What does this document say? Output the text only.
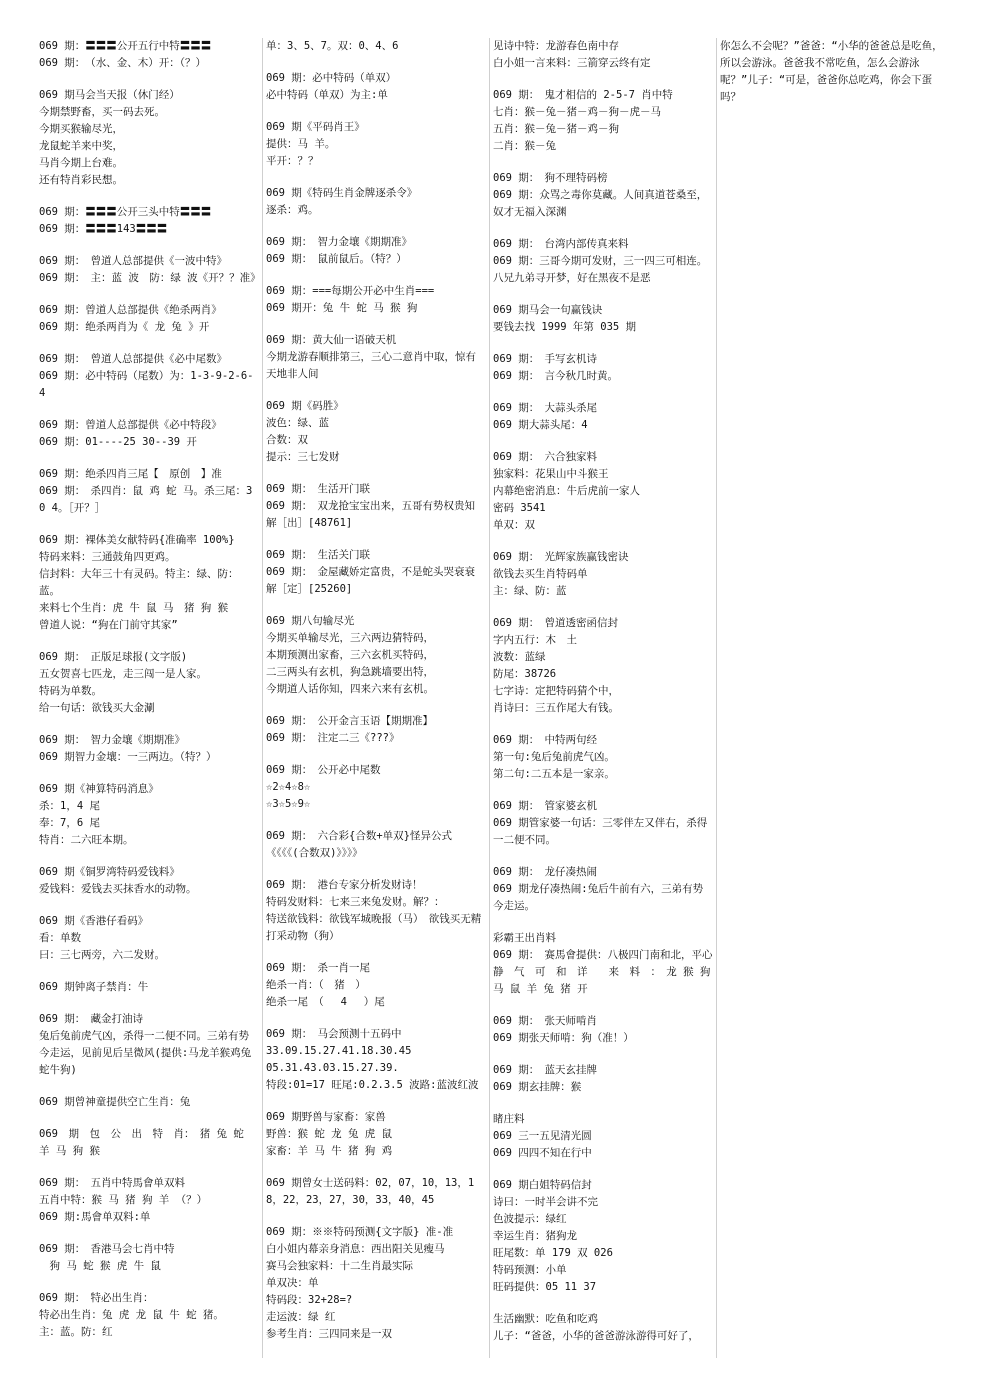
069 期：〓〓〓公开五行中特〓〓〓
069 期：　（水、金、木）开：（？）
069 期马会当天报（休门经）
今期禁野畜，买一码去死。
今期买猴输尽光，
龙鼠蛇羊来中奖，
马肖今期上台难。
还有特肖彩民想。
069 期：〓〓〓公开三头中特〓〓〓
069 期：〓〓〓143〓〓〓
069 期：　曾道人总部提供《一波中特》
069 期：　主：蓝 波　防：绿 波《开？？准》
069 期：曾道人总部提供《绝杀两肖》
069 期：绝杀两肖为《 龙 兔 》开
069 期：　曾道人总部提供《必中尾数》
069 期：必中特码（尾数）为：1-3-9-2-6-4
069 期：曾道人总部提供《必中特段》
069 期：01----25 30--39 开
069 期：绝杀四肖三尾【　原创　】准
069 期：　杀四肖：鼠 鸡 蛇 马。杀三尾：3 0 4。［开？］
069 期：裸体美女献特码{准确率 100%}
特码来料：三通鼓角四更鸡。
信封料：大年三十有灵码。特主：绿、防：蓝。
来料七个生肖：虎 牛 鼠 马　猪 狗 猴
曾道人说：“狗在门前守其家”
069 期：　正版足球报(文字版)
五女贺喜七匹龙，走三闯一是人家。
特码为单数。
给一句话：欲钱买大金涮
069 期：　智力金壤《期期准》
069 期智力金壤：一三两边。（特？）
069 期《神算特码消息》
杀：1，4 尾
奉：7，6 尾
特肖：二六旺本期。
069 期《铜罗湾特码爱钱料》
爱钱料：爱钱去买抹香水的动物。
069 期《香港仔看码》
看：单数
曰：三七两旁，六二发财。
069 期钟离子禁肖：牛
069 期：　藏金打油诗
兔后兔前虎气凶，杀得一二便不同。三弟有势今走运，见前见后呈微风(提供:马龙羊猴鸡兔蛇牛狗)
069 期曾神童提供空亡生肖：兔
069　期　包　公　出　特　肖：　猪 兔 蛇 羊 马 狗 猴
069 期：　五肖中特馬會单双料
五肖中特：猴 马 猪 狗 羊 （？）
069 期:馬會单双料:单
069 期：　香港马会七肖中特
　狗 马 蛇 猴 虎 牛 鼠
069 期：　特必出生肖：
特必出生肖：兔 虎 龙 鼠 牛 蛇 猪。
主：蓝。防：红
单：3、5、7。双：0、4、6
069 期：必中特码（单双）
必中特码（单双）为主:单
069 期《平码肖王》
提供：马 羊。
平开：？？
069 期《特码生肖金牌逐杀令》
逐杀：鸡。
069 期：　智力金壤《期期准》
069 期：　鼠前鼠后。（特？）
069 期：===每期公开必中生肖===
069 期开：兔 牛 蛇 马 猴 狗
069 期：黄大仙一语破天机
今期龙游春顺排第三，三心二意肖中取，惊有天地非人间
069 期《码胜》
波色：绿、蓝
合数：双
提示：三七发财
069 期：　生活开门联
069 期：　双龙抢宝宝出来，五哥有势权贵知
解［出］[48761]
069 期：　生活关门联
069 期：　金屋藏娇定富贵，不是蛇头哭衰衰
解［定］[25260]
069 期八句输尽光
今期买单输尽光，三六两边猜特码，
本期预测出家畜，三六玄机买特码，
二三两头有玄机，狗急跳墙要出特，
今期道人话你知，四来六来有玄机。
069 期：　公开金言玉语【期期准】
069 期：　注定二三《???》
069 期：　公开必中尾数
☆2☆4☆8☆
☆3☆5☆9☆
069 期：　六合彩{合数+单双}怪异公式
《《《《(合数双)》》》》
069 期：　港台专家分析发财诗！
特码发财料：七来三来兔发财。解？：
特送欲钱料：欲钱军城晚报（马）　欲钱买无精打采动物（狗）
069 期：　杀一肖一尾
绝杀一肖：（　猪　）
绝杀一尾　（　 4 　）尾
069 期：　马会预测十五码中
33.09.15.27.41.18.30.45
05.31.43.03.15.27.39.
特段:01=17 旺尾:0.2.3.5 波路:蓝波红波
069 期野兽与家畜：家兽
野兽：猴 蛇 龙 兔 虎 鼠
家畜：羊 马 牛 猪 狗 鸡
069 期曾女士送码料：02，07，10，13，18，22，23，27，30，33，40，45
069 期：※※特码预测{文字版} 准-准
白小姐内幕亲身消息：西出阳关见瘦马
赛马会独家料：十二生肖最实际
单双决：单
特码段：32+28=?
走运波：绿 红
参考生肖：三四同来是一双
见诗中特：龙游春色南中存
白小姐一言来料：三箭穿云终有定
069 期：　鬼才相信的 2-5-7 肖中特
七肖：猴－兔－猪－鸡－狗－虎－马
五肖：猴－兔－猪－鸡－狗
二肖：猴－兔
069 期：　狗不理特码榜
069 期：众骂之毒你莫藏。人间真道苍桑至，奴才无福入深渊
069 期：　台湾内部传真来料
069 期：三哥今期可发财，三一四三可相连。八兄九弟寻开梦，好在黑夜不是恶
069 期马会一句赢钱诀
要钱去找 1999 年第 035 期
069 期：　手写玄机诗
069 期：　言今秋几时黄。
069 期：　大蒜头杀尾
069 期大蒜头尾：4
069 期：　六合独家料
独家料：花果山中斗猴王
内幕绝密消息：牛后虎前一家人
密码 3541
单双：双
069 期：　光辉家族赢钱密诀
欲钱去买生肖特码单
主：绿、防：蓝
069 期：　曾道透密函信封
字内五行：木　土
波数：蓝绿
防尾：38726
七字诗：定把特码猜个中，
肖诗曰：三五作尾大有钱。
069 期：　中特两句经
第一句:兔后兔前虎气凶。
第二句:二五本是一家亲。
069 期：　管家婆玄机
069 期管家婆一句话：三零伴左又伴右，杀得一二便不同。
069 期：　龙仔凑热闹
069 期龙仔凑热闹:兔后牛前有六，三弟有势今走运。
彩霸王出肖料
069 期：　赛馬會提供：八极四门南和北，平心　静　气　可　和　详　　来　料　：　龙 猴 狗 马 鼠 羊 兔 猪 开
069 期：　张天师啃肖
069 期张天师啃：狗（准！）
069 期：　蓝天玄挂牌
069 期玄挂牌：猴
睹庄料
069 三一五见清光圆
069 四四不知在行中
069 期白姐特码信封
诗曰：一时半会讲不完
色波提示：绿红
幸运生肖：猪狗龙
旺尾数：单 179 双 026
特码预测：小单
旺码提供：05 11 37
生活幽默：吃鱼和吃鸡
儿子：“爸爸，小华的爸爸游泳游得可好了，
你怎么不会呢？”爸爸：“小华的爸爸总是吃鱼，所以会游泳。爸爸我不常吃鱼，怎么会游泳呢？”儿子：“可是，爸爸你总吃鸡，你会下蛋吗？
